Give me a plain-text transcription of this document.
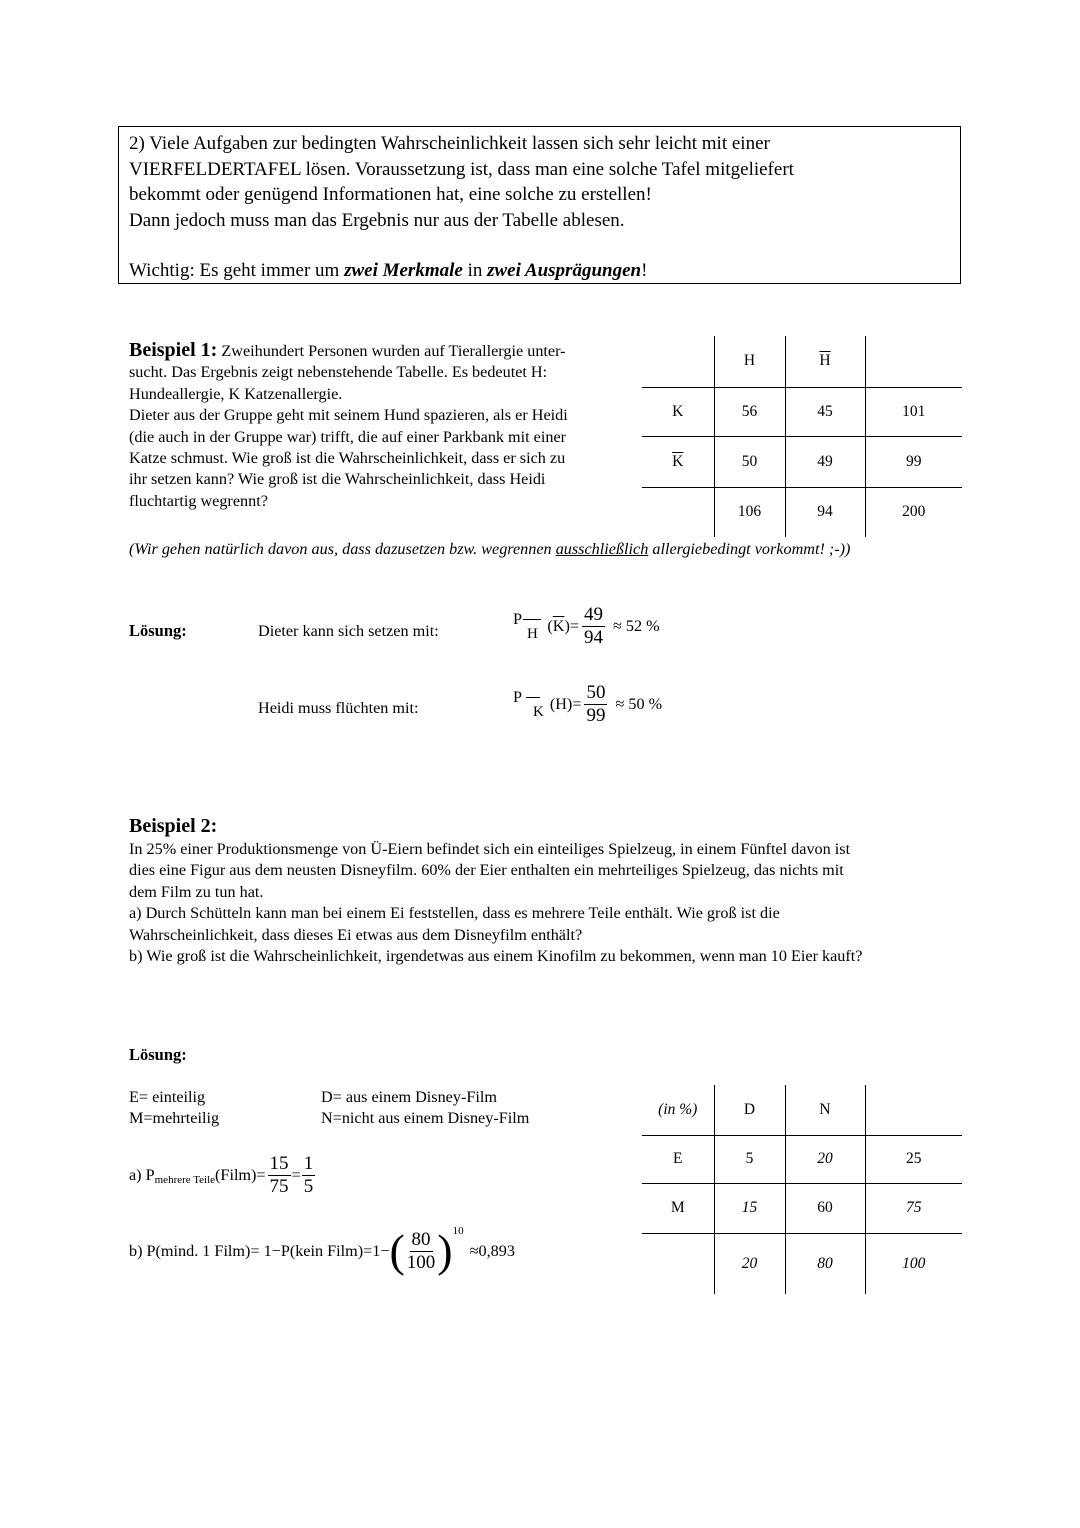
2) Viele Aufgaben zur bedingten Wahrscheinlichkeit lassen sich sehr leicht mit einer

VIERFELDERTAFEL lösen. Voraussetzung ist, dass man eine solche Tafel mitgeliefert

bekommt oder genügend Informationen hat, eine solche zu erstellen!

Dann jedoch muss man das Ergebnis nur aus der Tabelle ablesen.

Wichtig: Es geht immer um zwei Merkmale in zwei Ausprägungen!

Beispiel 1: Zweihundert Personen wurden auf Tierallergie unter-
sucht. Das Ergebnis zeigt nebenstehende Tabelle. Es bedeutet H:
Hundeallergie, K Katzenallergie.
Dieter aus der Gruppe geht mit seinem Hund spazieren, als er Heidi
(die auch in der Gruppe war) trifft, die auf einer Parkbank mit einer
Katze schmust. Wie groß ist die Wahrscheinlichkeit, dass er sich zu
ihr setzen kann? Wie groß ist die Wahrscheinlichkeit, dass Heidi
fluchtartig wegrennt?
	H	$\overline{H}$	
K	56	45	101
$\overline{K}$	50	49	99
	106	94	200
(Wir gehen natürlich davon aus, dass dazusetzen bzw. wegrennen ausschließlich allergiebedingt vorkommt! ;-))
Lösung:	Dieter kann sich setzen mit:
P 
H ( $\overline{K}$ )= $\frac{49}{94} \approx 52$ %
Heidi muss flüchten mit:
P
K $(H)= \frac{50}{99} \approx 50$ %
Beispiel 2:
In 25% einer Produktionsmenge von Ü-Eiern befindet sich ein einteiliges Spielzeug, in einem Fünftel davon ist
dies eine Figur aus dem neusten Disneyfilm. 60% der Eier enthalten ein mehrteiliges Spielzeug, das nichts mit
dem Film zu tun hat.
a) Durch Schütteln kann man bei einem Ei feststellen, dass es mehrere Teile enthält. Wie groß ist die
Wahrscheinlichkeit, dass dieses Ei etwas aus dem Disneyfilm enthält?
b) Wie groß ist die Wahrscheinlichkeit, irgendetwas aus einem Kinofilm zu bekommen, wenn man 10 Eier kauft?
Lösung:
E= einteilig
M=mehrteilig
D= aus einem Disney-Film
N=nicht aus einem Disney-Film
a) P mehrere Teile (Film)= $\frac{15}{75} = \frac{1}{5}$
b) P(mind. 1 Film)= 1−P(kein Film)=1− ( $\frac{80}{100}$ ) 10
≈0,893
(in %)	D	N	
E	5	20	25
M	15	60	75
	20	80	100
